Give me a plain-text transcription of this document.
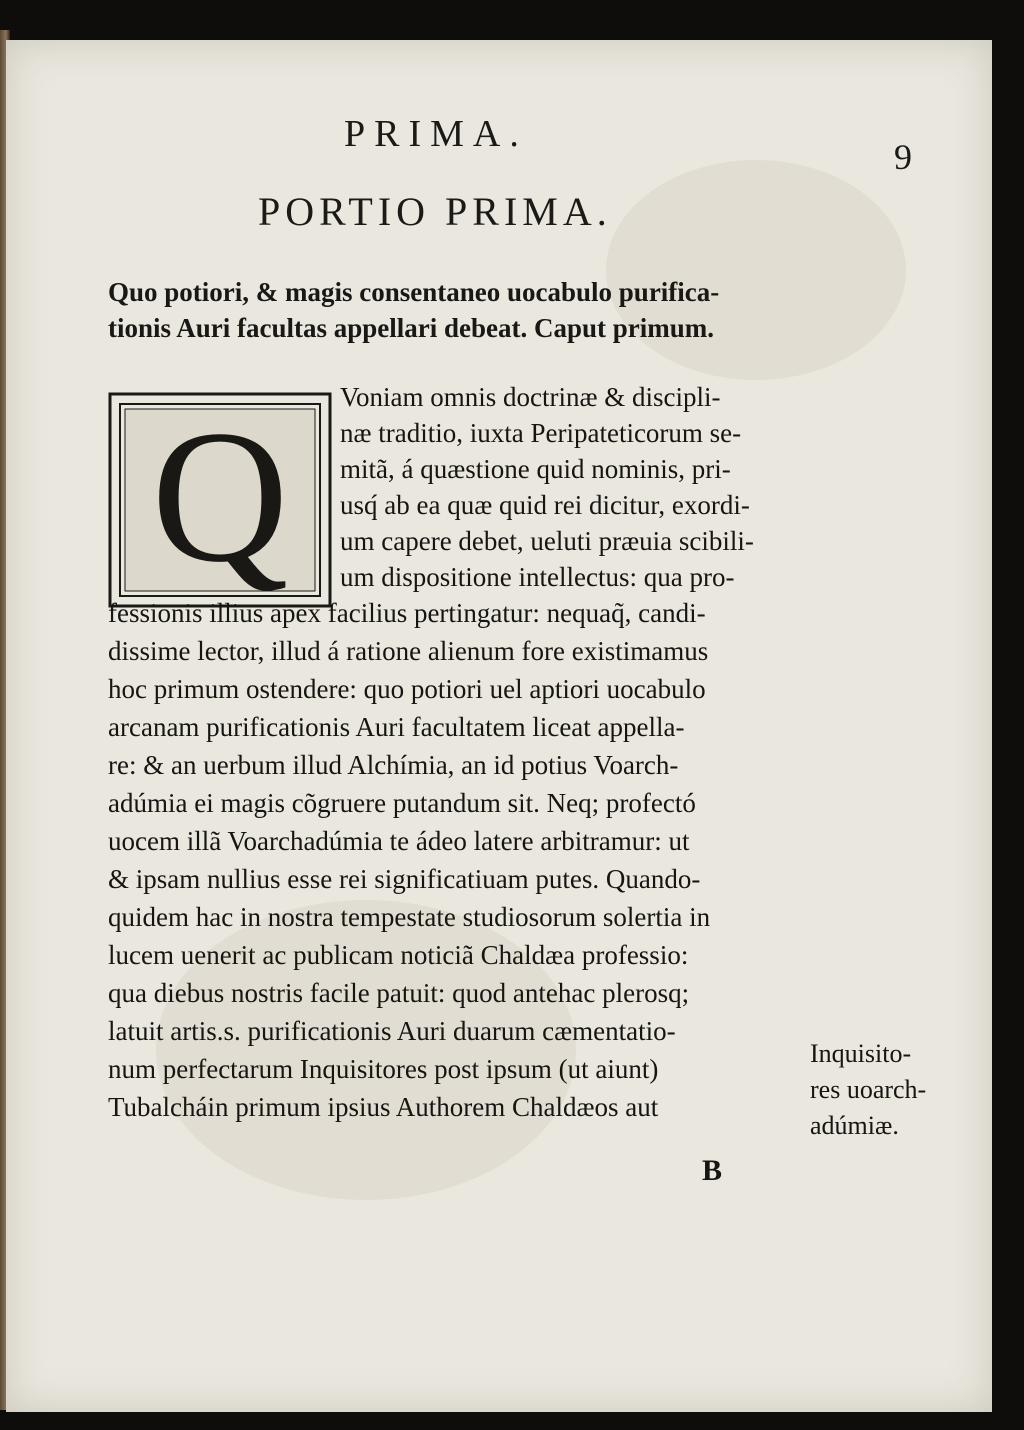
PRIMA.
9
PORTIO PRIMA.
Quo potiori, & magis consentaneo uocabulo purifica-
tionis Auri facultas appellari debeat. Caput primum.
Q Voniam omnis doctrinæ & discipli-
næ traditio, iuxta Peripateticorum se-
mitã, á quæstione quid nominis, pri-
usq́ ab ea quæ quid rei dicitur, exordi-
um capere debet, ueluti præuia scibili-
um dispositione intellectus: qua pro-
fessionis illius apex facilius pertingatur: nequaq̃, candi-
dissime lector, illud á ratione alienum fore existimamus
hoc primum ostendere: quo potiori uel aptiori uocabulo
arcanam purificationis Auri facultatem liceat appella-
re: & an uerbum illud Alchímia, an id potius Voarch-
adúmia ei magis cõgruere putandum sit. Neq; profectó
uocem illã Voarchadúmia te ádeo latere arbitramur: ut
& ipsam nullius esse rei significatiuam putes. Quando-
quidem hac in nostra tempestate studiosorum solertia in
lucem uenerit ac publicam noticiã Chaldæa professio:
qua diebus nostris facile patuit: quod antehac plerosq;
latuit artis.s. purificationis Auri duarum cæmentatio-
num perfectarum Inquisitores post ipsum (ut aiunt)
Tubalcháin primum ipsius Authorem Chaldæos aut
Inquisito-
res uoarch-
adúmiæ.
B
